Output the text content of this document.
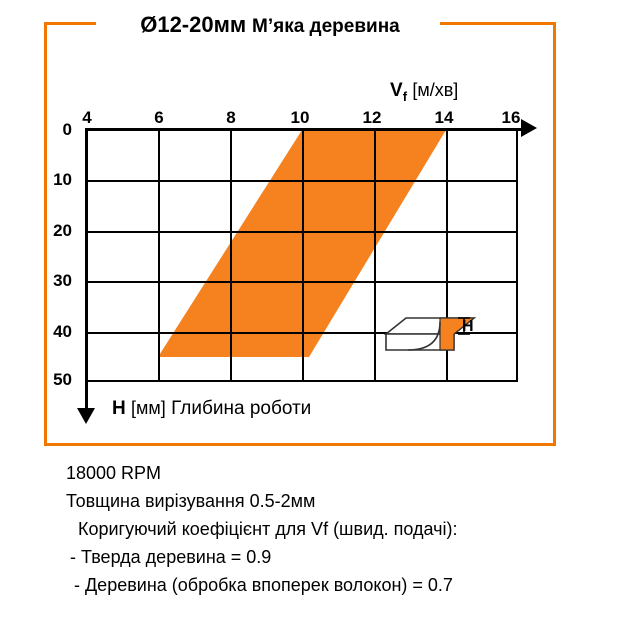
Ø12-20мм М’яка деревина
4	6	8	10	12	14	16
0
10
20
30
40
50
$V_f$ [м/хв]
H [мм] Глибина роботи
H
18000 RPM
Товщина вирізування 0.5-2мм
Коригуючий коефіцієнт для Vf (швид. подачі):
- Тверда деревина = 0.9
- Деревина (обробка впоперек волокон) = 0.7
